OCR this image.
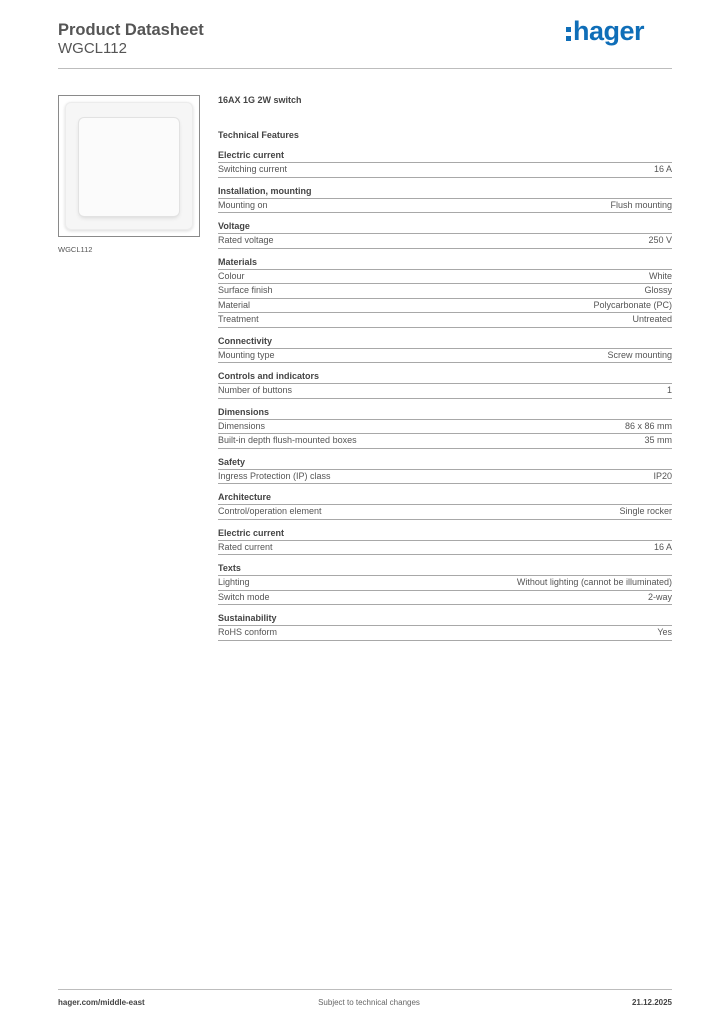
Product Datasheet
WGCL112
hager
WGCL112
16AX 1G 2W switch
Technical Features
Electric current
Switching current	16 A
Installation, mounting
Mounting on	Flush mounting
Voltage
Rated voltage	250 V
Materials
Colour	White
Surface finish	Glossy
Material	Polycarbonate (PC)
Treatment	Untreated
Connectivity
Mounting type	Screw mounting
Controls and indicators
Number of buttons	1
Dimensions
Dimensions	86 x 86 mm
Built-in depth flush-mounted boxes	35 mm
Safety
Ingress Protection (IP) class	IP20
Architecture
Control/operation element	Single rocker
Electric current
Rated current	16 A
Texts
Lighting	Without lighting (cannot be illuminated)
Switch mode	2-way
Sustainability
RoHS conform	Yes
hager.com/middle-east	Subject to technical changes	21.12.2025
